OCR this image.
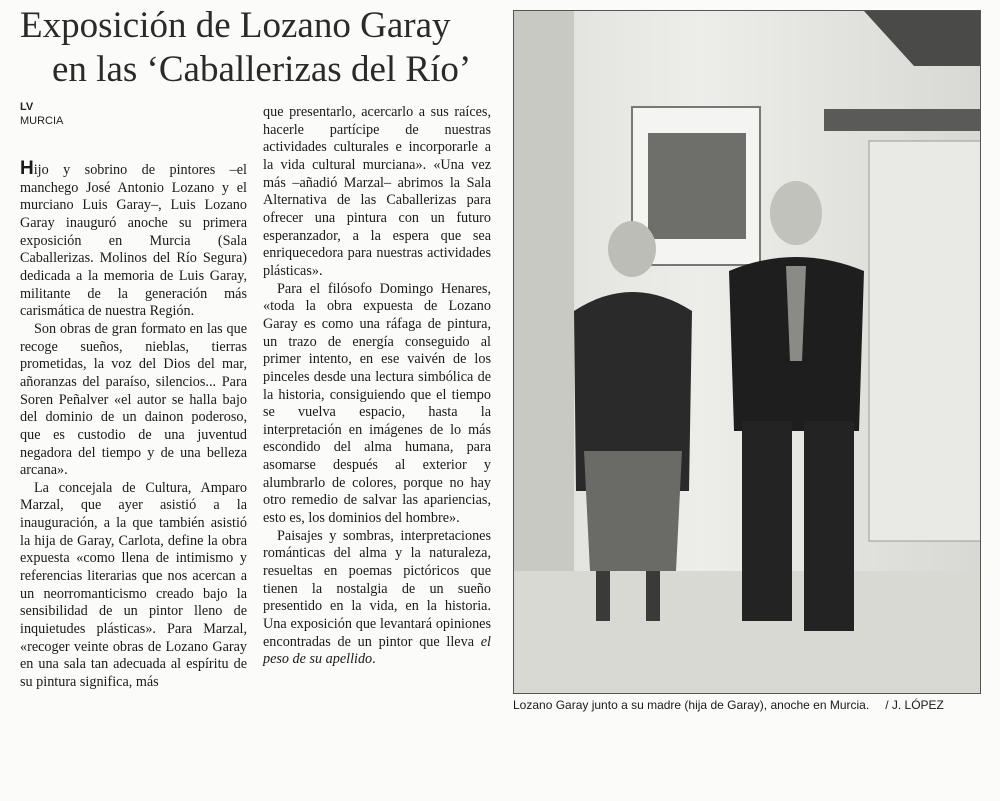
Exposición de Lozano Garay
en las ‘Caballerizas del Río’
LV
MURCIA

Hijo y sobrino de pintores –el manchego José Antonio Lozano y el murciano Luis Garay–, Luis Lozano Garay inauguró anoche su primera exposición en Murcia (Sala Caballerizas. Molinos del Río Segura) dedicada a la memoria de Luis Garay, militante de la generación más carismática de nuestra Región.

Son obras de gran formato en las que recoge sueños, nieblas, tierras prometidas, la voz del Dios del mar, añoranzas del paraíso, silencios... Para Soren Peñalver «el autor se halla bajo del dominio de un dainon poderoso, que es custodio de una juventud negadora del tiempo y de una belleza arcana».

La concejala de Cultura, Amparo Marzal, que ayer asistió a la inauguración, a la que también asistió la hija de Garay, Carlota, define la obra expuesta «como llena de intimismo y referencias literarias que nos acercan a un neorromanticismo creado bajo la sensibilidad de un pintor lleno de inquietudes plásticas». Para Marzal, «recoger veinte obras de Lozano Garay en una sala tan adecuada al espíritu de su pintura significa, más

que presentarlo, acercarlo a sus raíces, hacerle partícipe de nuestras actividades culturales e incorporarle a la vida cultural murciana». «Una vez más –añadió Marzal– abrimos la Sala Alternativa de las Caballerizas para ofrecer una pintura con un futuro esperanzador, a la espera que sea enriquecedora para nuestras actividades plásticas».

Para el filósofo Domingo Henares, «toda la obra expuesta de Lozano Garay es como una ráfaga de pintura, un trazo de energía conseguido al primer intento, en ese vaivén de los pinceles desde una lectura simbólica de la historia, consiguiendo que el tiempo se vuelva espacio, hasta la interpretación en imágenes de lo más escondido del alma humana, para asomarse después al exterior y alumbrarlo de colores, porque no hay otro remedio de salvar las apariencias, esto es, los dominios del hombre».

Paisajes y sombras, interpretaciones románticas del alma y la naturaleza, resueltas en poemas pictóricos que tienen la nostalgia de un sueño presentido en la vida, en la historia. Una exposición que levantará opiniones encontradas de un pintor que lleva el peso de su apellido.

Lozano Garay junto a su madre (hija de Garay), anoche en Murcia. / J. LÓPEZ
